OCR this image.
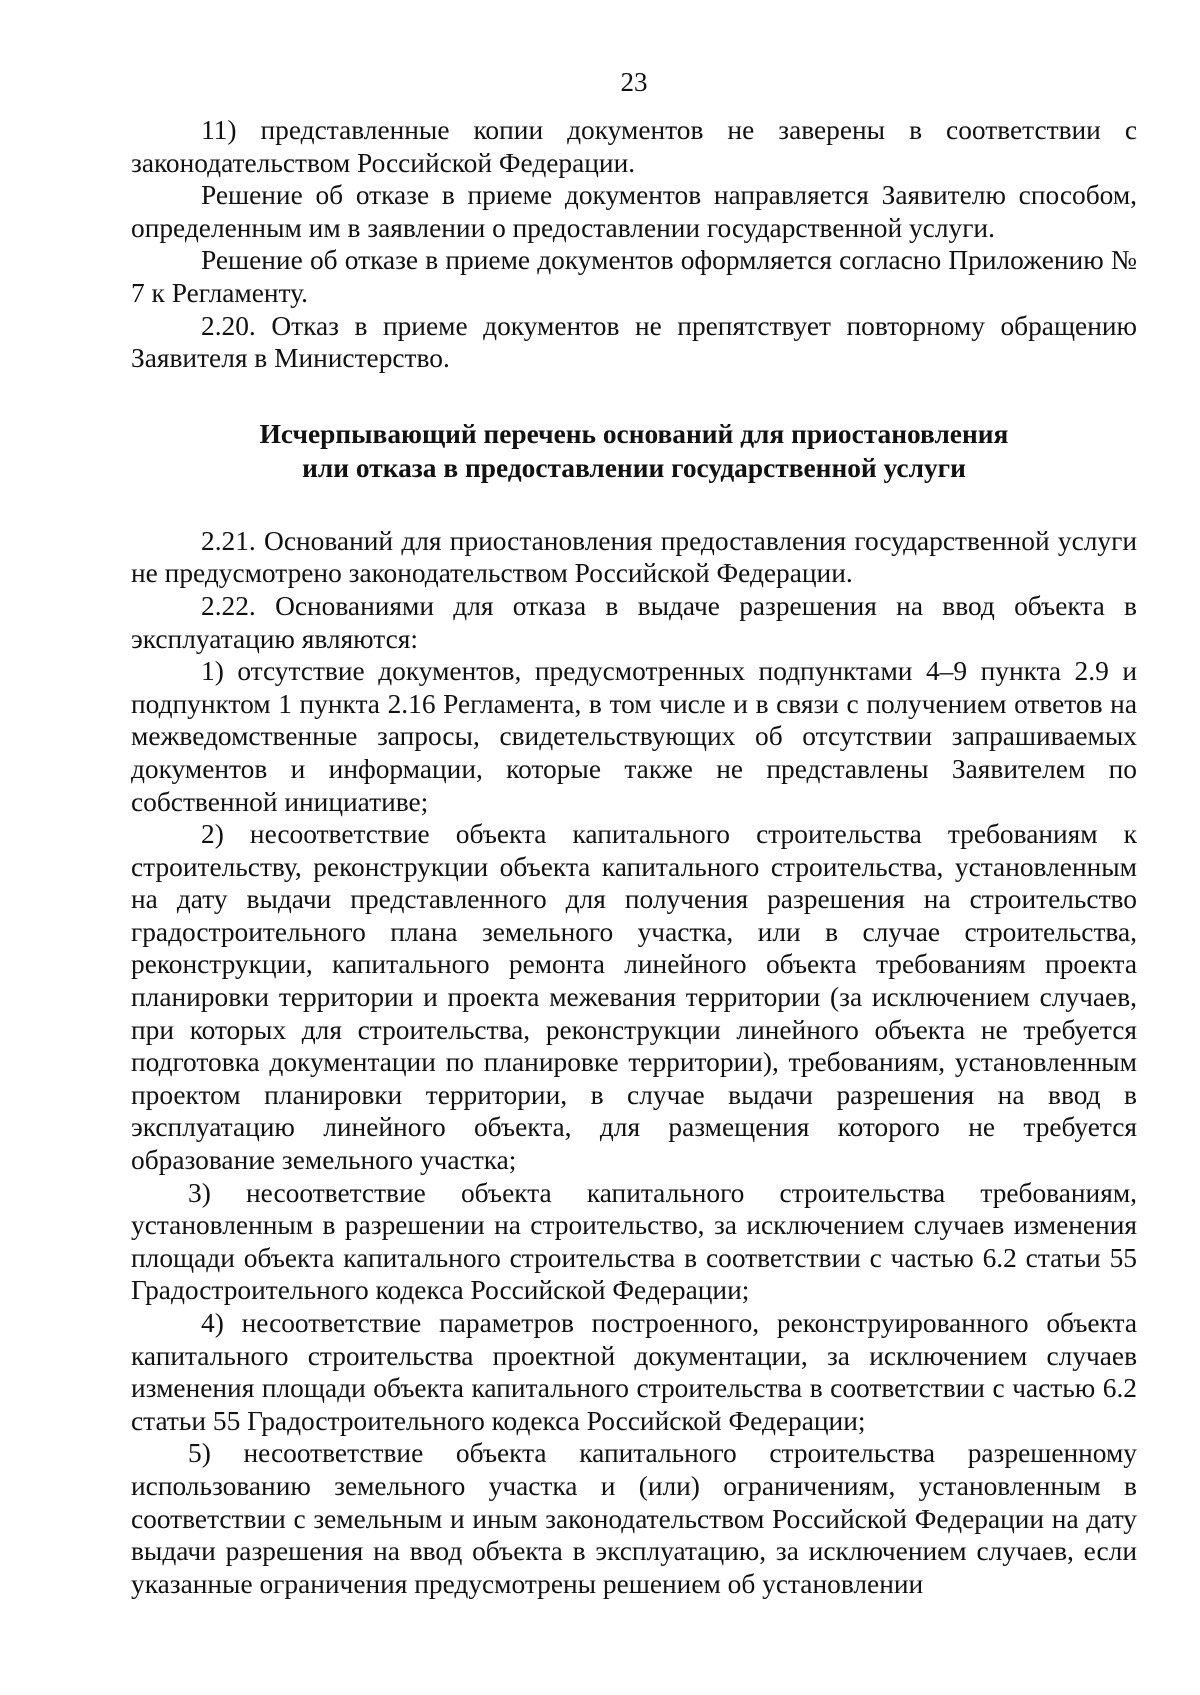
23

11) представленные копии документов не заверены в соответствии с законодательством Российской Федерации.

Решение об отказе в приеме документов направляется Заявителю способом, определенным им в заявлении о предоставлении государственной услуги.

Решение об отказе в приеме документов оформляется согласно Приложению № 7 к Регламенту.

2.20. Отказ в приеме документов не препятствует повторному обращению Заявителя в Министерство.

Исчерпывающий перечень оснований для приостановления
или отказа в предоставлении государственной услуги

2.21. Оснований для приостановления предоставления государственной услуги не предусмотрено законодательством Российской Федерации.

2.22. Основаниями для отказа в выдаче разрешения на ввод объекта в эксплуатацию являются:

1) отсутствие документов, предусмотренных подпунктами 4–9 пункта 2.9 и подпунктом 1 пункта 2.16 Регламента, в том числе и в связи с получением ответов на межведомственные запросы, свидетельствующих об отсутствии запрашиваемых документов и информации, которые также не представлены Заявителем по собственной инициативе;

2) несоответствие объекта капитального строительства требованиям к строительству, реконструкции объекта капитального строительства, установленным на дату выдачи представленного для получения разрешения на строительство градостроительного плана земельного участка, или в случае строительства, реконструкции, капитального ремонта линейного объекта требованиям проекта планировки территории и проекта межевания территории (за исключением случаев, при которых для строительства, реконструкции линейного объекта не требуется подготовка документации по планировке территории), требованиям, установленным проектом планировки территории, в случае выдачи разрешения на ввод в эксплуатацию линейного объекта, для размещения которого не требуется образование земельного участка;

3) несоответствие объекта капитального строительства требованиям, установленным в разрешении на строительство, за исключением случаев изменения площади объекта капитального строительства в соответствии с частью 6.2 статьи 55 Градостроительного кодекса Российской Федерации;

4) несоответствие параметров построенного, реконструированного объекта капитального строительства проектной документации, за исключением случаев изменения площади объекта капитального строительства в соответствии с частью 6.2 статьи 55 Градостроительного кодекса Российской Федерации;

5) несоответствие объекта капитального строительства разрешенному использованию земельного участка и (или) ограничениям, установленным в соответствии с земельным и иным законодательством Российской Федерации на дату выдачи разрешения на ввод объекта в эксплуатацию, за исключением случаев, если указанные ограничения предусмотрены решением об установлении
